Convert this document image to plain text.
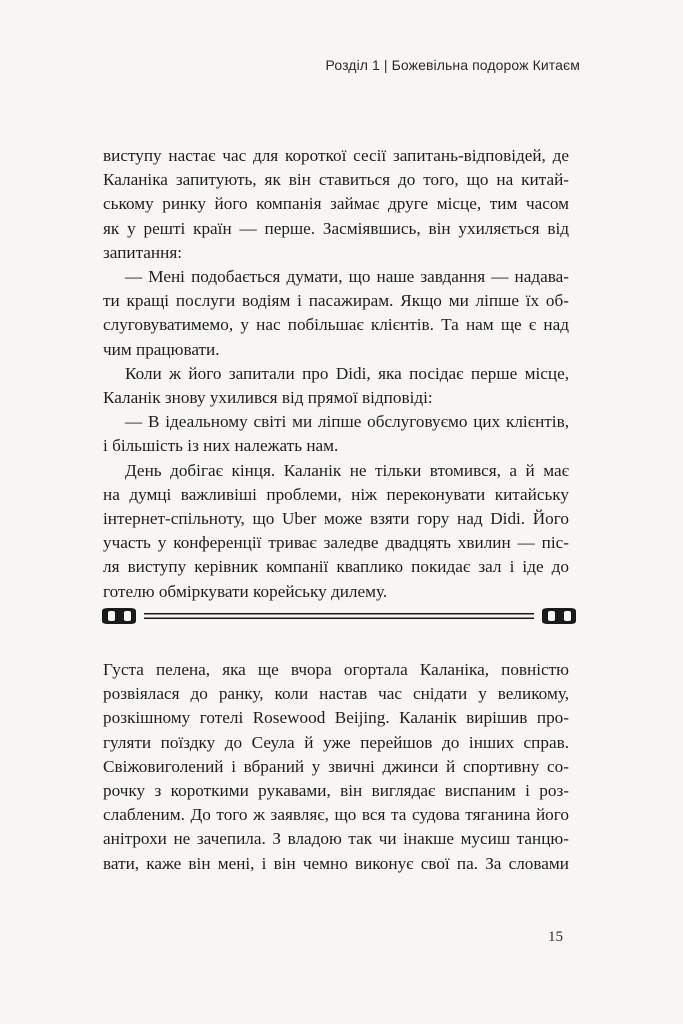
Розділ 1 | Божевільна подорож Китаєм

виступу настає час для короткої сесії запитань-відповідей, де

Каланіка запитують, як він ставиться до того, що на китай-

ському ринку його компанія займає друге місце, тим часом

як у решті країн — перше. Засміявшись, він ухиляється від

запитання:

— Мені подобається думати, що наше завдання — надава-

ти кращі послуги водіям і пасажирам. Якщо ми ліпше їх об-

слуговуватимемо, у нас побільшає клієнтів. Та нам ще є над

чим працювати.

Коли ж його запитали про Didi, яка посідає перше місце,

Каланік знову ухилився від прямої відповіді:

— В ідеальному світі ми ліпше обслуговуємо цих клієнтів,

і більшість із них належать нам.

День добігає кінця. Каланік не тільки втомився, а й має

на думці важливіші проблеми, ніж переконувати китайську

інтернет-спільноту, що Uber може взяти гору над Didi. Його

участь у конференції триває заледве двадцять хвилин — піс-

ля виступу керівник компанії кваплико покидає зал і іде до

готелю обміркувати корейську дилему.

Густа пелена, яка ще вчора огортала Каланіка, повністю

розвіялася до ранку, коли настав час снідати у великому,

розкішному готелі Rosewood Beijing. Каланік вирішив про-

гуляти поїздку до Сеула й уже перейшов до інших справ.

Свіжовиголений і вбраний у звичні джинси й спортивну со-

рочку з короткими рукавами, він виглядає виспаним і роз-

слабленим. До того ж заявляє, що вся та судова тяганина його

анітрохи не зачепила. З владою так чи інакше мусиш танцю-

вати, каже він мені, і він чемно виконує свої па. За словами

15
